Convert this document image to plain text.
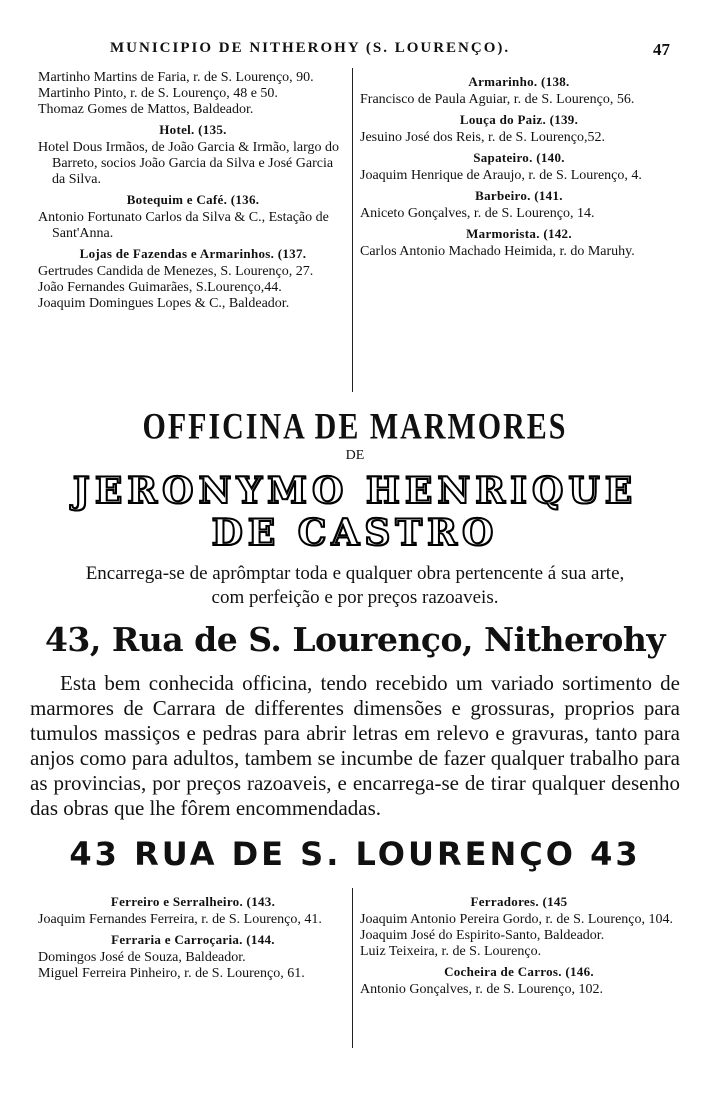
MUNICIPIO DE NITHEROHY (S. LOURENÇO).	47
Martinho Martins de Faria, r. de S. Lourenço, 90.
Martinho Pinto, r. de S. Lourenço, 48 e 50.
Thomaz Gomes de Mattos, Baldeador.
Hotel. (135.
Hotel Dous Irmãos, de João Garcia & Irmão, largo do Barreto, socios João Garcia da Silva e José Garcia da Silva.
Botequim e Café. (136.
Antonio Fortunato Carlos da Silva & C., Estação de Sant'Anna.
Lojas de Fazendas e Armarinhos. (137.
Gertrudes Candida de Menezes, S. Lourenço, 27.
João Fernandes Guimarães, S.Lourenço,44.
Joaquim Domingues Lopes & C., Baldeador.
Armarinho. (138.
Francisco de Paula Aguiar, r. de S. Lourenço, 56.
Louça do Paiz. (139.
Jesuino José dos Reis, r. de S. Lourenço,52.
Sapateiro. (140.
Joaquim Henrique de Araujo, r. de S. Lourenço, 4.
Barbeiro. (141.
Aniceto Gonçalves, r. de S. Lourenço, 14.
Marmorista. (142.
Carlos Antonio Machado Heimida, r. do Maruhy.
OFFICINA DE MARMORES
DE
JERONYMO HENRIQUE DE CASTRO
Encarrega-se de aprômptar toda e qualquer obra pertencente á sua arte,
com perfeição e por preços razoaveis.
43, Rua de S. Lourenço, Nitherohy
Esta bem conhecida officina, tendo recebido um variado sortimento de marmores de Carrara de differentes dimensões e grossuras, proprios para tumulos massiços e pedras para abrir letras em relevo e gravuras, tanto para anjos como para adultos, tambem se incumbe de fazer qualquer trabalho para as provincias, por preços razoaveis, e encarrega-se de tirar qualquer desenho das obras que lhe fôrem encommendadas.
43 RUA DE S. LOURENÇO 43
Ferreiro e Serralheiro. (143.
Joaquim Fernandes Ferreira, r. de S. Lourenço, 41.
Ferraria e Carroçaria. (144.
Domingos José de Souza, Baldeador.
Miguel Ferreira Pinheiro, r. de S. Lourenço, 61.
Ferradores. (145
Joaquim Antonio Pereira Gordo, r. de S. Lourenço, 104.
Joaquim José do Espirito-Santo, Baldeador.
Luiz Teixeira, r. de S. Lourenço.
Cocheira de Carros. (146.
Antonio Gonçalves, r. de S. Lourenço, 102.
